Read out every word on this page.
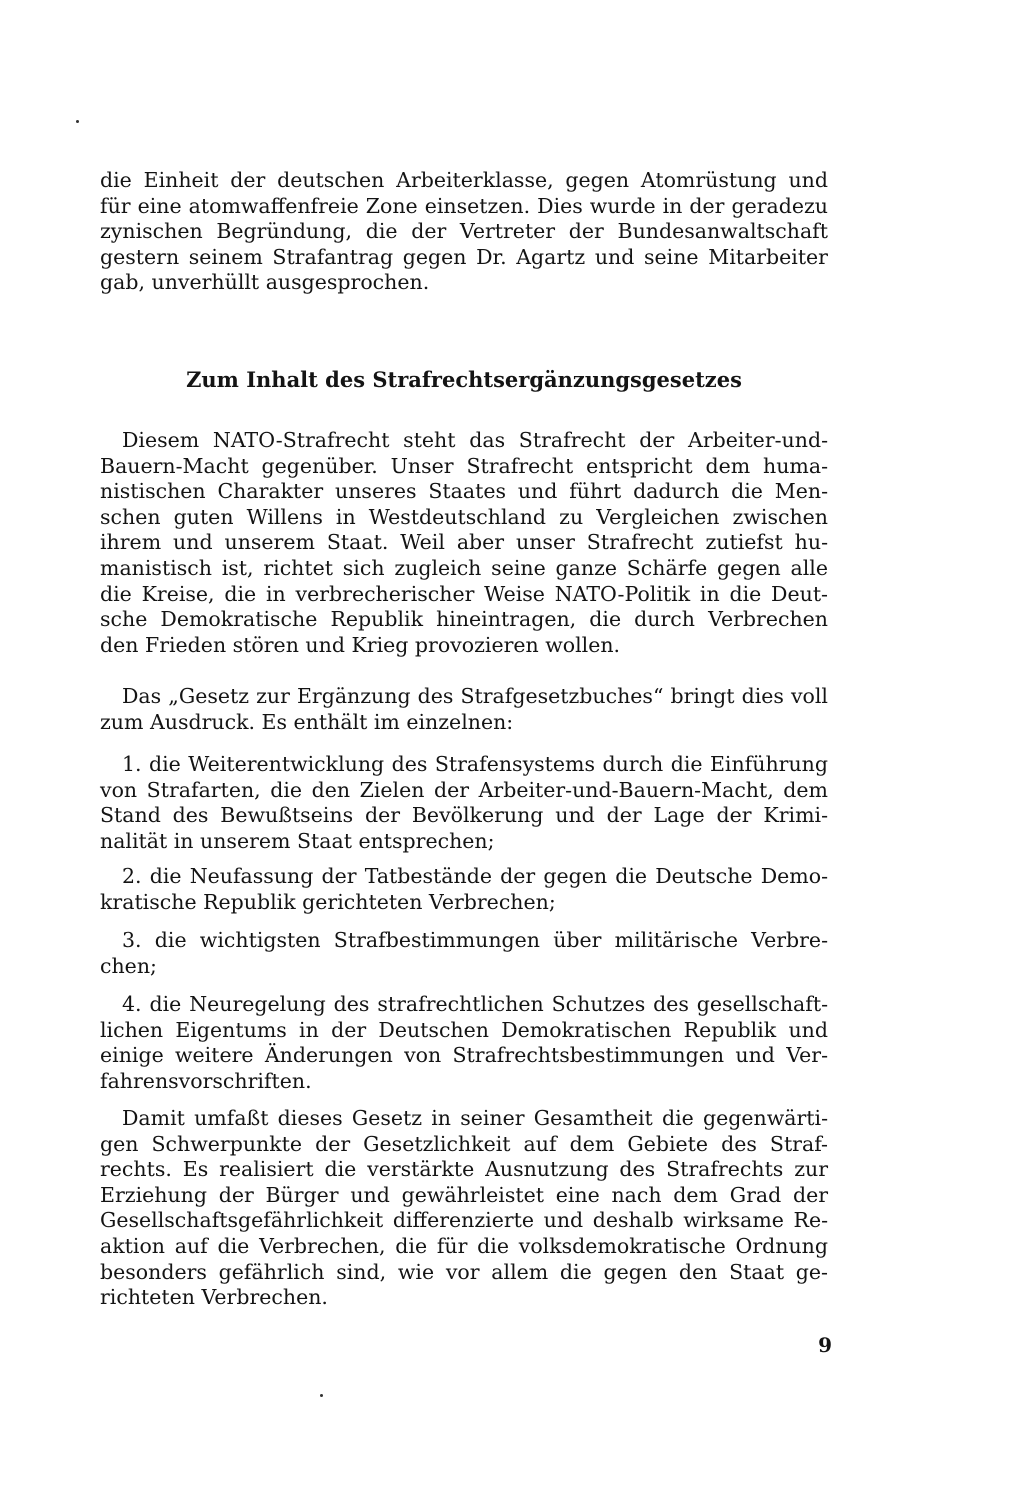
die Einheit der deutschen Arbeiterklasse, gegen Atomrüstung und
für eine atomwaffenfreie Zone einsetzen. Dies wurde in der geradezu
zynischen Begründung, die der Vertreter der Bundesanwaltschaft
gestern seinem Strafantrag gegen Dr. Agartz und seine Mitarbeiter
gab, unverhüllt ausgesprochen.
Zum Inhalt des Strafrechtsergänzungsgesetzes
Diesem NATO-Strafrecht steht das Strafrecht der Arbeiter-und-
Bauern-Macht gegenüber. Unser Strafrecht entspricht dem huma-
nistischen Charakter unseres Staates und führt dadurch die Men-
schen guten Willens in Westdeutschland zu Vergleichen zwischen
ihrem und unserem Staat. Weil aber unser Strafrecht zutiefst hu-
manistisch ist, richtet sich zugleich seine ganze Schärfe gegen alle
die Kreise, die in verbrecherischer Weise NATO-Politik in die Deut-
sche Demokratische Republik hineintragen, die durch Verbrechen
den Frieden stören und Krieg provozieren wollen.
Das „Gesetz zur Ergänzung des Strafgesetzbuches“ bringt dies voll
zum Ausdruck. Es enthält im einzelnen:
1. die Weiterentwicklung des Strafensystems durch die Einführung
von Strafarten, die den Zielen der Arbeiter-und-Bauern-Macht, dem
Stand des Bewußtseins der Bevölkerung und der Lage der Krimi-
nalität in unserem Staat entsprechen;
2. die Neufassung der Tatbestände der gegen die Deutsche Demo-
kratische Republik gerichteten Verbrechen;
3. die wichtigsten Strafbestimmungen über militärische Verbre-
chen;
4. die Neuregelung des strafrechtlichen Schutzes des gesellschaft-
lichen Eigentums in der Deutschen Demokratischen Republik und
einige weitere Änderungen von Strafrechtsbestimmungen und Ver-
fahrensvorschriften.
Damit umfaßt dieses Gesetz in seiner Gesamtheit die gegenwärti-
gen Schwerpunkte der Gesetzlichkeit auf dem Gebiete des Straf-
rechts. Es realisiert die verstärkte Ausnutzung des Strafrechts zur
Erziehung der Bürger und gewährleistet eine nach dem Grad der
Gesellschaftsgefährlichkeit differenzierte und deshalb wirksame Re-
aktion auf die Verbrechen, die für die volksdemokratische Ordnung
besonders gefährlich sind, wie vor allem die gegen den Staat ge-
richteten Verbrechen.
9
